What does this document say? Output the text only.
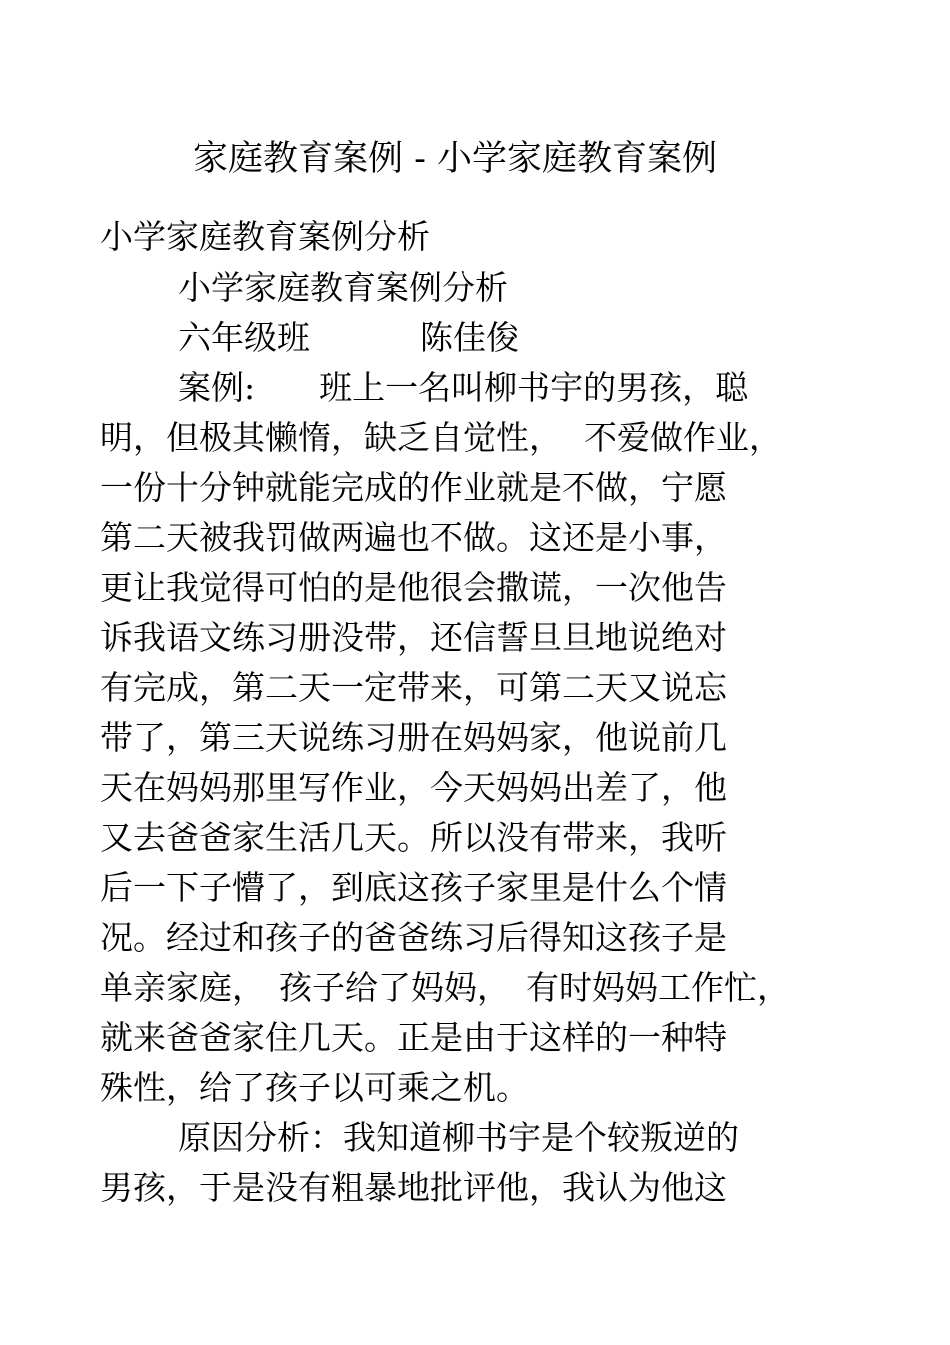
家庭教育案例 - 小学家庭教育案例
小学家庭教育案例分析
小学家庭教育案例分析
六年级班	陈佳俊
案例: 班上一名叫柳书宇的男孩，聪
明，但极其懒惰，缺乏自觉性， 不爱做作业，
一份十分钟就能完成的作业就是不做，宁愿
第二天被我罚做两遍也不做。这还是小事，
更让我觉得可怕的是他很会撒谎，一次他告
诉我语文练习册没带，还信誓旦旦地说绝对
有完成，第二天一定带来，可第二天又说忘
带了，第三天说练习册在妈妈家，他说前几
天在妈妈那里写作业，今天妈妈出差了，他
又去爸爸家生活几天。所以没有带来，我听
后一下子懵了，到底这孩子家里是什么个情
况。经过和孩子的爸爸练习后得知这孩子是
单亲家庭， 孩子给了妈妈， 有时妈妈工作忙，
就来爸爸家住几天。正是由于这样的一种特
殊性，给了孩子以可乘之机。
原因分析：我知道柳书宇是个较叛逆的
男孩，于是没有粗暴地批评他，我认为他这
